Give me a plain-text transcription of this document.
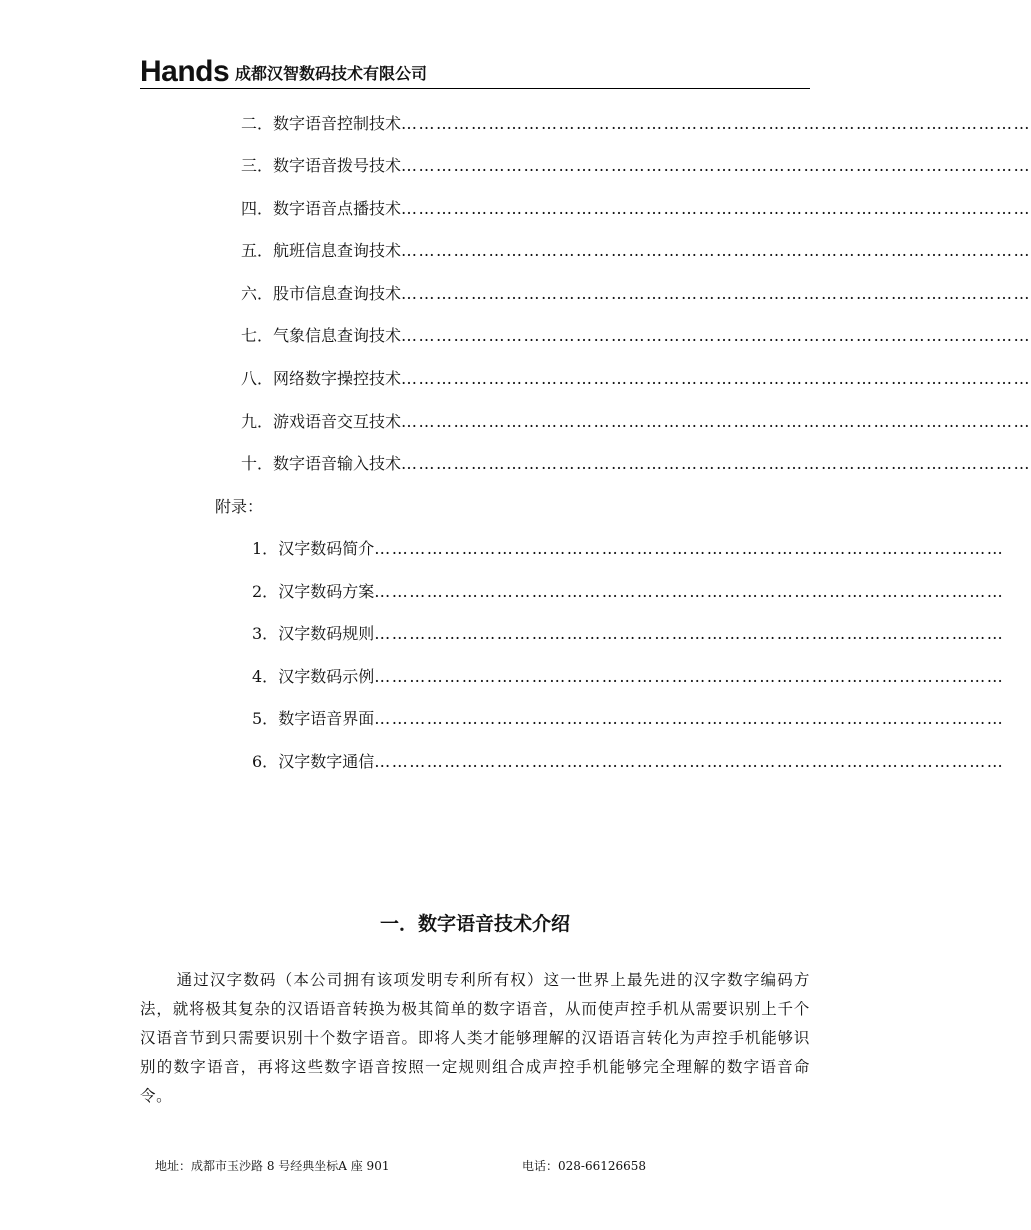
Hands 成都汉智数码技术有限公司
二．数字语音控制技术………………………………………………………………………………………………
三．数字语音拨号技术………………………………………………………………………………………………
四．数字语音点播技术………………………………………………………………………………………………
五．航班信息查询技术………………………………………………………………………………………………
六．股市信息查询技术………………………………………………………………………………………………
七．气象信息查询技术………………………………………………………………………………………………
八．网络数字操控技术………………………………………………………………………………………………
九．游戏语音交互技术………………………………………………………………………………………………
十．数字语音输入技术………………………………………………………………………………………………
附录：
1．汉字数码简介………………………………………………………………………………………………
2．汉字数码方案………………………………………………………………………………………………
3．汉字数码规则………………………………………………………………………………………………
4．汉字数码示例………………………………………………………………………………………………
5．数字语音界面………………………………………………………………………………………………
6．汉字数字通信………………………………………………………………………………………………
一．数字语音技术介绍
通过汉字数码（本公司拥有该项发明专利所有权）这一世界上最先进的汉字数字编码方法，就将极其复杂的汉语语音转换为极其简单的数字语音，从而使声控手机从需要识别上千个汉语音节到只需要识别十个数字语音。即将人类才能够理解的汉语语言转化为声控手机能够识别的数字语音，再将这些数字语音按照一定规则组合成声控手机能够完全理解的数字语音命令。
地址：成都市玉沙路 8 号经典坐标A 座 901	电话：028-66126658
